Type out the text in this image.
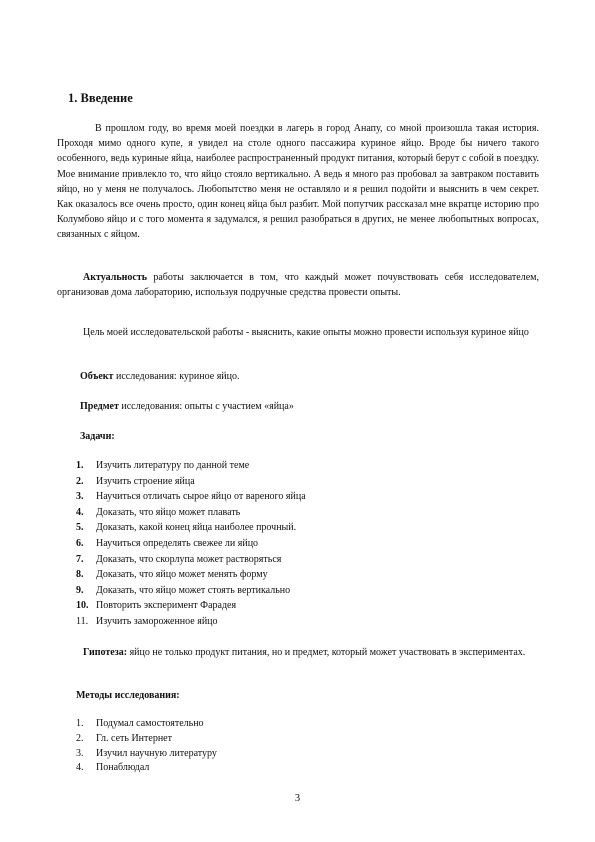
1. Введение

В прошлом году, во время моей поездки в лагерь в город Анапу, со мной произошла такая история. Проходя мимо одного купе, я увидел на столе одного пассажира куриное яйцо. Вроде бы ничего такого особенного, ведь куриные яйца, наиболее распространенный продукт питания, который берут с собой в поездку. Мое внимание привлекло то, что яйцо стояло вертикально. А ведь я много раз пробовал за завтраком поставить яйцо, но у меня не получалось. Любопытство меня не оставляло и я решил подойти и выяснить в чем секрет. Как оказалось все очень просто, один конец яйца был разбит. Мой попутчик рассказал мне вкратце историю про Колумбово яйцо и с того момента я задумался, я решил разобраться в других, не менее любопытных вопросах, связанных с яйцом.

Актуальность работы заключается в том, что каждый может почувствовать себя исследователем, организовав дома лабораторию, используя подручные средства провести опыты.

Цель моей исследовательской работы - выяснить, какие опыты можно провести используя куриное яйцо

Объект исследования: куриное яйцо.
Предмет исследования: опыты с участием «яйца»
Задачи:
1. Изучить литературу по данной теме
2. Изучить строение яйца
3. Научиться отличать сырое яйцо от вареного яйца
4. Доказать, что яйцо может плавать
5. Доказать, какой конец яйца наиболее прочный.
6. Научиться определять свежее ли яйцо
7. Доказать, что скорлупа может растворяться
8. Доказать, что яйцо может менять форму
9. Доказать, что яйцо может стоять вертикально
10. Повторить эксперимент Фарадея
11. Изучить замороженное яйцо

Гипотеза: яйцо не только продукт питания, но и предмет, который может участвовать в экспериментах.

Методы исследования:
1. Подумал самостоятельно
2. Гл. сеть Интернет
3. Изучил научную литературу
4. Понаблюдал
3
